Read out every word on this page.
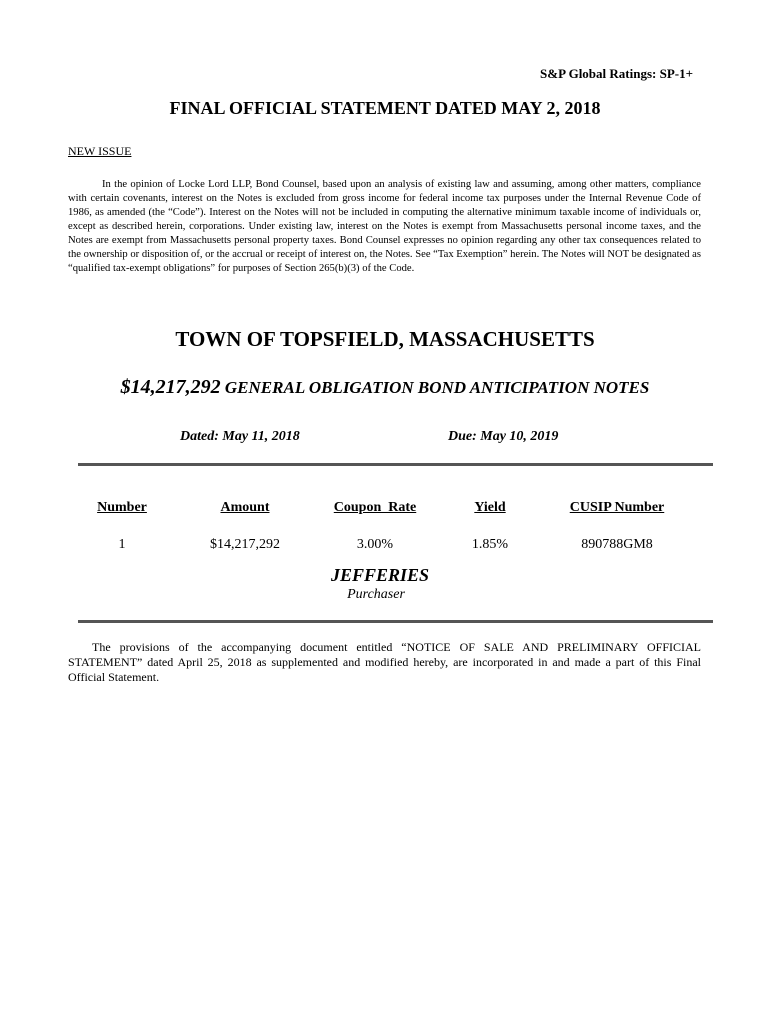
S&P Global Ratings: SP-1+
FINAL OFFICIAL STATEMENT DATED MAY 2, 2018
NEW ISSUE
In the opinion of Locke Lord LLP, Bond Counsel, based upon an analysis of existing law and assuming, among other matters, compliance with certain covenants, interest on the Notes is excluded from gross income for federal income tax purposes under the Internal Revenue Code of 1986, as amended (the “Code”). Interest on the Notes will not be included in computing the alternative minimum taxable income of individuals or, except as described herein, corporations. Under existing law, interest on the Notes is exempt from Massachusetts personal income taxes, and the Notes are exempt from Massachusetts personal property taxes. Bond Counsel expresses no opinion regarding any other tax consequences related to the ownership or disposition of, or the accrual or receipt of interest on, the Notes. See “Tax Exemption” herein. The Notes will NOT be designated as “qualified tax-exempt obligations” for purposes of Section 265(b)(3) of the Code.
TOWN OF TOPSFIELD, MASSACHUSETTS
$14,217,292 GENERAL OBLIGATION BOND ANTICIPATION NOTES
Dated: May 11, 2018	Due: May 10, 2019
Number	Amount	Coupon  Rate	Yield	CUSIP Number
1	$14,217,292	3.00%	1.85%	890788GM8
JEFFERIES
Purchaser
The provisions of the accompanying document entitled “NOTICE OF SALE AND PRELIMINARY OFFICIAL STATEMENT” dated April 25, 2018 as supplemented and modified hereby, are incorporated in and made a part of this Final Official Statement.
